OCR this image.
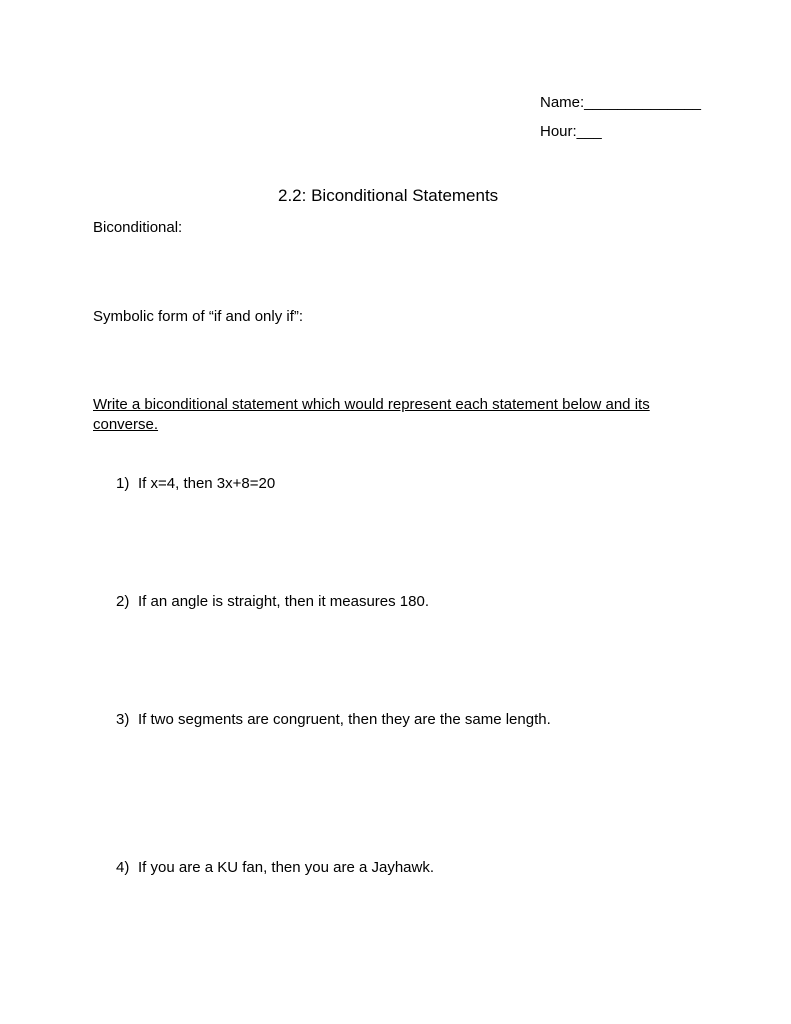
Name:______________

Hour:___

2.2: Biconditional Statements

Biconditional:

Symbolic form of “if and only if”:

Write a biconditional statement which would represent each statement below and its

converse.

1) If x=4, then 3x+8=20

2) If an angle is straight, then it measures 180.

3) If two segments are congruent, then they are the same length.

4) If you are a KU fan, then you are a Jayhawk.
